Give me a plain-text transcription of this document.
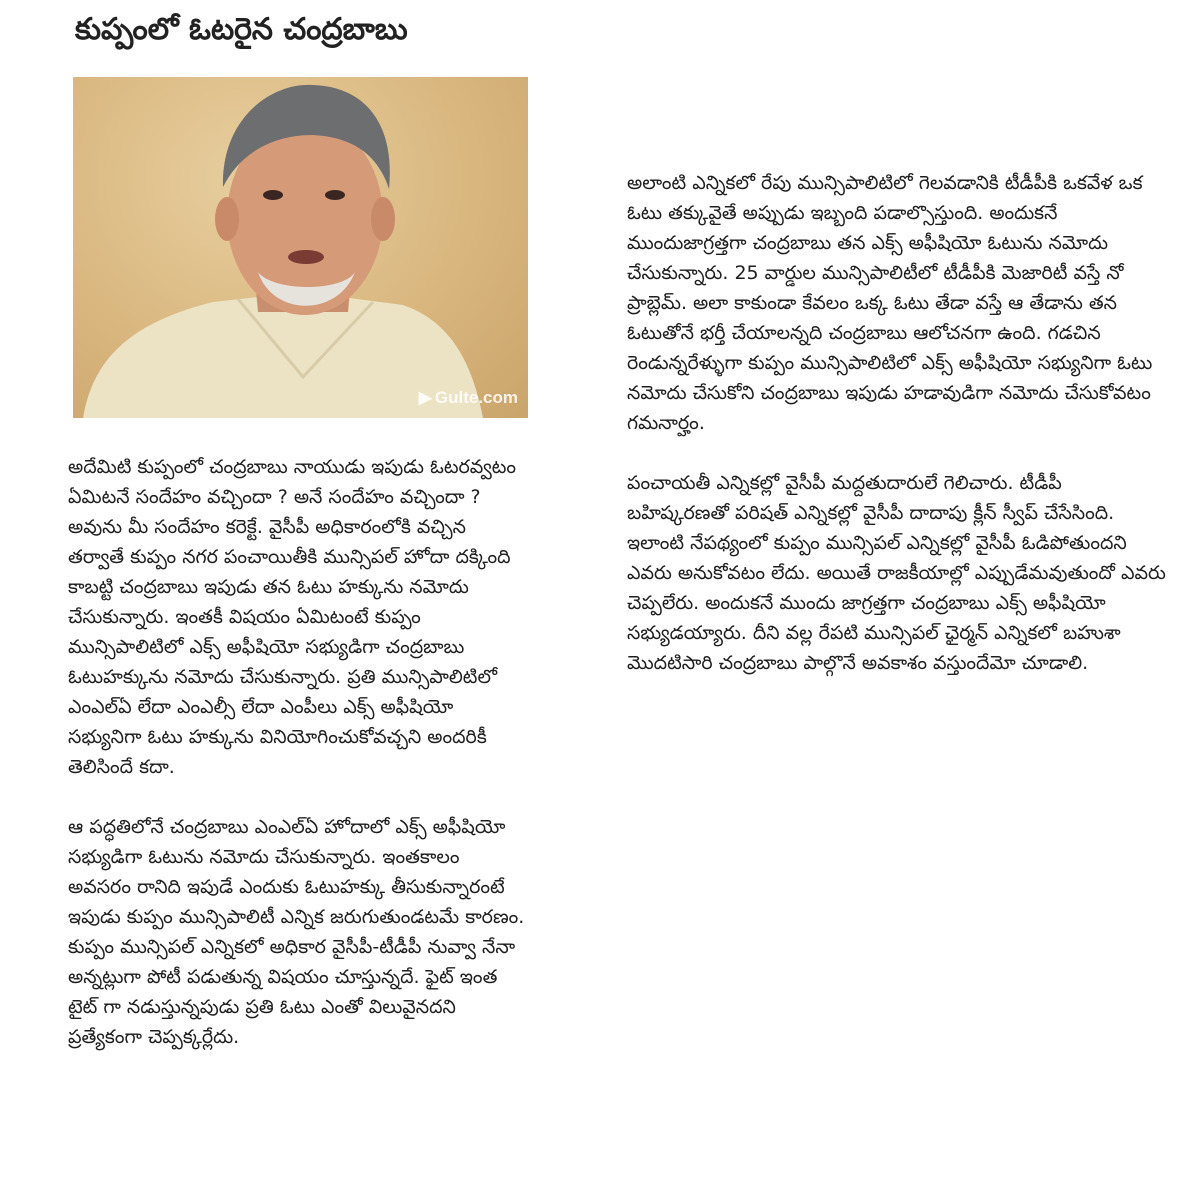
కుప్పంలో ఓటరైన చంద్రబాబు
▶ Gulte.com

అదేమిటి కుప్పంలో చంద్రబాబు నాయుడు ఇపుడు ఓటరవ్వటం ఏమిటనే సందేహం వచ్చిందా ? అనే సందేహం వచ్చిందా ? అవును మీ సందేహం కరెక్టే. వైసీపీ అధికారంలోకి వచ్చిన తర్వాతే కుప్పం నగర పంచాయితీకి మున్సిపల్ హోదా దక్కింది కాబట్టి చంద్రబాబు ఇపుడు తన ఓటు హక్కును నమోదు చేసుకున్నారు. ఇంతకీ విషయం ఏమిటంటే కుప్పం మున్సిపాలిటిలో ఎక్స్ అఫీషియో సభ్యుడిగా చంద్రబాబు ఓటుహక్కును నమోదు చేసుకున్నారు. ప్రతి మున్సిపాలిటిలో ఎంఎల్ఏ లేదా ఎంఎల్సీ లేదా ఎంపీలు ఎక్స్ అఫీషియో సభ్యునిగా ఓటు హక్కును వినియోగించుకోవచ్చని అందరికీ తెలిసిందే కదా.

ఆ పద్ధతిలోనే చంద్రబాబు ఎంఎల్ఏ హోదాలో ఎక్స్ అఫీషియో సభ్యుడిగా ఓటును నమోదు చేసుకున్నారు. ఇంతకాలం అవసరం రానిది ఇపుడే ఎందుకు ఓటుహక్కు తీసుకున్నారంటే ఇపుడు కుప్పం మున్సిపాలిటీ ఎన్నిక జరుగుతుండటమే కారణం. కుప్పం మున్సిపల్ ఎన్నికలో అధికార వైసీపీ-టీడీపీ నువ్వా నేనా అన్నట్లుగా పోటీ పడుతున్న విషయం చూస్తున్నదే. ఫైట్ ఇంత టైట్ గా నడుస్తున్నపుడు ప్రతి ఓటు ఎంతో విలువైనదని ప్రత్యేకంగా చెప్పక్కర్లేదు.

అలాంటి ఎన్నికలో రేపు మున్సిపాలిటిలో గెలవడానికి టీడీపీకి ఒకవేళ ఒక ఓటు తక్కువైతే అప్పుడు ఇబ్బంది పడాల్సొస్తుంది. అందుకనే ముందుజాగ్రత్తగా చంద్రబాబు తన ఎక్స్ అఫీషియో ఓటును నమోదు చేసుకున్నారు. 25 వార్డుల మున్సిపాలిటీలో టీడీపీకి మెజారిటీ వస్తే నో ప్రాబ్లెమ్. అలా కాకుండా కేవలం ఒక్క ఓటు తేడా వస్తే ఆ తేడాను తన ఓటుతోనే భర్తీ చేయాలన్నది చంద్రబాబు ఆలోచనగా ఉంది. గడచిన రెండున్నరేళ్ళుగా కుప్పం మున్సిపాలిటిలో ఎక్స్ అఫీషియో సభ్యునిగా ఓటు నమోదు చేసుకోని చంద్రబాబు ఇపుడు హడావుడిగా నమోదు చేసుకోవటం గమనార్హం.

పంచాయతీ ఎన్నికల్లో వైసీపీ మద్దతుదారులే గెలిచారు. టీడీపీ బహిష్కరణతో పరిషత్ ఎన్నికల్లో వైసీపీ దాదాపు క్లీన్ స్వీప్ చేసేసింది. ఇలాంటి నేపథ్యంలో కుప్పం మున్సిపల్ ఎన్నికల్లో వైసీపీ ఓడిపోతుందని ఎవరు అనుకోవటం లేదు. అయితే రాజకీయాల్లో ఎప్పుడేమవుతుందో ఎవరు చెప్పలేరు. అందుకనే ముందు జాగ్రత్తగా చంద్రబాబు ఎక్స్ అఫీషియో సభ్యుడయ్యారు. దీని వల్ల రేపటి మున్సిపల్ ఛైర్మన్ ఎన్నికలో బహుశా మొదటిసారి చంద్రబాబు పాల్గొనే అవకాశం వస్తుందేమో చూడాలి.
